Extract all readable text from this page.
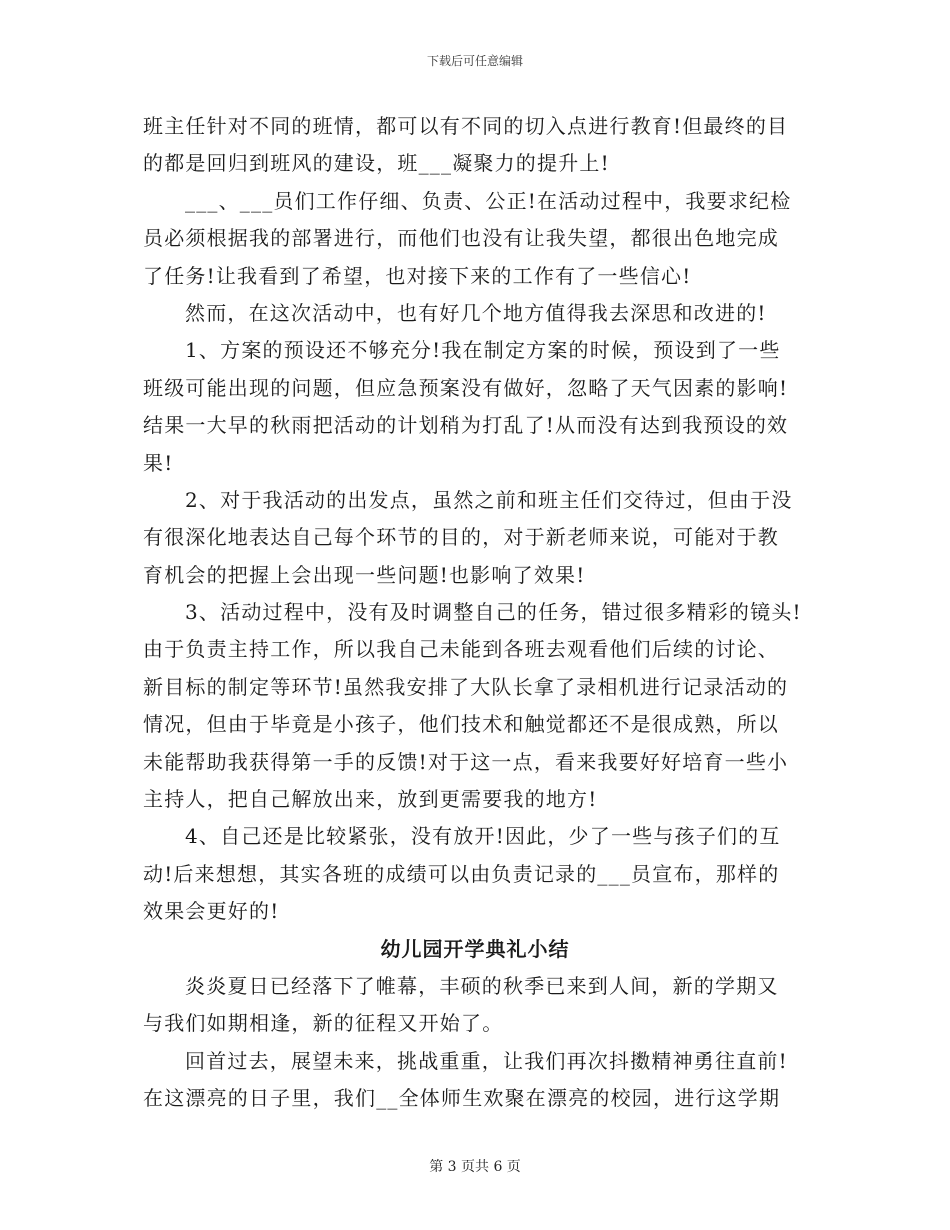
下载后可任意编辑
班主任针对不同的班情，都可以有不同的切入点进行教育!但最终的目
的都是回归到班风的建设，班___凝聚力的提升上!
___、___员们工作仔细、负责、公正!在活动过程中，我要求纪检
员必须根据我的部署进行，而他们也没有让我失望，都很出色地完成
了任务!让我看到了希望，也对接下来的工作有了一些信心!
然而，在这次活动中，也有好几个地方值得我去深思和改进的!
1、方案的预设还不够充分!我在制定方案的时候，预设到了一些
班级可能出现的问题，但应急预案没有做好，忽略了天气因素的影响!
结果一大早的秋雨把活动的计划稍为打乱了!从而没有达到我预设的效
果!
2、对于我活动的出发点，虽然之前和班主任们交待过，但由于没
有很深化地表达自己每个环节的目的，对于新老师来说，可能对于教
育机会的把握上会出现一些问题!也影响了效果!
3、活动过程中，没有及时调整自己的任务，错过很多精彩的镜头!
由于负责主持工作，所以我自己未能到各班去观看他们后续的讨论、
新目标的制定等环节!虽然我安排了大队长拿了录相机进行记录活动的
情况，但由于毕竟是小孩子，他们技术和触觉都还不是很成熟，所以
未能帮助我获得第一手的反馈!对于这一点，看来我要好好培育一些小
主持人，把自己解放出来，放到更需要我的地方!
4、自己还是比较紧张，没有放开!因此，少了一些与孩子们的互
动!后来想想，其实各班的成绩可以由负责记录的___员宣布，那样的
效果会更好的!
幼儿园开学典礼小结
炎炎夏日已经落下了帷幕，丰硕的秋季已来到人间，新的学期又
与我们如期相逢，新的征程又开始了。
回首过去，展望未来，挑战重重，让我们再次抖擞精神勇往直前!
在这漂亮的日子里，我们__全体师生欢聚在漂亮的校园，进行这学期
第 3 页共 6 页
